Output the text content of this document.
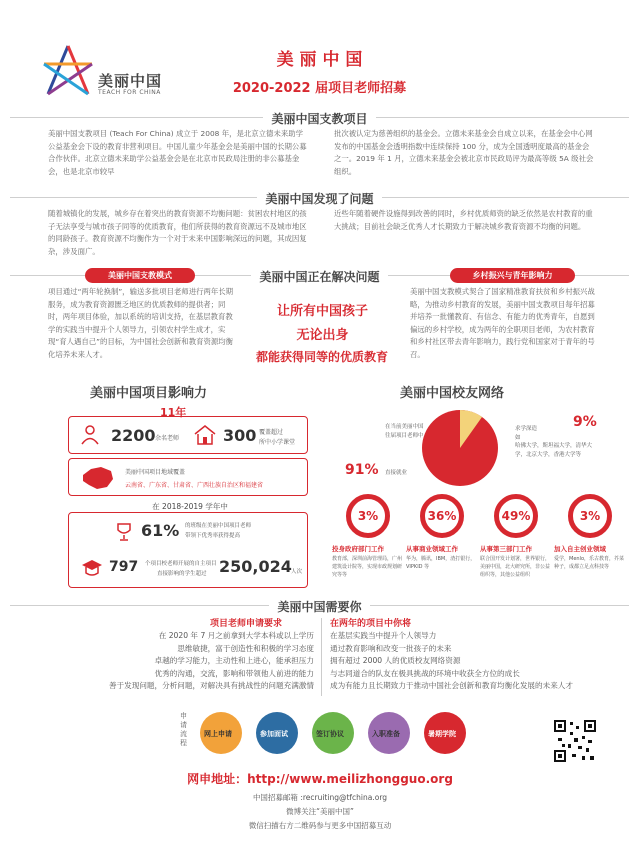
美丽中国
TEACH FOR CHINA
美 丽 中 国
2020-2022 届项目老师招募
美丽中国支教项目
美丽中国支教项目 (Teach For China) 成立于 2008 年，是北京立德未来助学公益基金会下设的教育非营利项目。中国儿童少年基金会是美丽中国的长期公募合作伙伴。北京立德未来助学公益基金会是在北京市民政局注册的非公募基金会，也是北京市较早
批次被认定为慈善组织的基金会。立德未来基金会自成立以来，在基金会中心网发布的中国基金会透明指数中连续保持 100 分，成为全国透明度最高的基金会之一。2019 年 1 月，立德未来基金会被北京市民政局评为最高等级 5A 级社会组织。
美丽中国发现了问题
随着城镇化的发展，城乡存在着突出的教育资源不均衡问题：贫困农村地区的孩子无法享受与城市孩子同等的优质教育，他们所获得的教育资源远不及城市地区的同龄孩子。教育资源不均衡作为一个对于未来中国影响深远的问题，其成因复杂，涉及面广。
近些年随着硬件设施得到改善的同时，乡村优质师资的缺乏依然是农村教育的重大挑战；目前社会缺乏优秀人才长期致力于解决城乡教育资源不均衡的问题。
美丽中国正在解决问题
美丽中国支教模式	乡村振兴与青年影响力
项目通过“两年轮换制”，输送多批项目老师进行两年长期服务，成为教育资源匮乏地区的优质教师的提供者；同时，两年项目体验，加以系统的培训支持，在基层教育教学的实践当中提升个人领导力，引领农村学生成才，实现“育人遇自己”的目标，为中国社会创新和教育资源均衡化培养未来人才。
美丽中国支教模式契合了国家精准教育扶贫和乡村振兴战略，为推动乡村教育的发展，美丽中国支教项目每年招募并培养一批懂教育、有信念、有能力的优秀青年，自愿到偏远的乡村学校，成为两年的全职项目老师，为农村教育和乡村社区带去青年影响力，践行党和国家对于青年的号召。
让所有中国孩子
无论出身
都能获得同等的优质教育
美丽中国项目影响力
11年
2200 余名老师	300 覆盖超过
所中小学课堂
美丽中国项目地域覆盖
云南省、广东省、甘肃省、广西壮族自治区和福建省
在 2018-2019 学年中
61% 的班级在美丽中国项目老师
带领下优秀率获得提高
797 个项目校老师开展的自主项目
直接影响的学生超过 250,024 人次
美丽中国校友网络
在当前美丽中国
往届项目老师中
91% 直接就业
求学深造	9%
如
哈佛大学，斯坦福大学，清华大学，北京大学，香港大学等
3%
投身政府部门工作
教育部，深圳前海管理局，广州建筑设计院等，实现市政规划研究等等
36%
从事商业领域工作
华为，腾讯，IBM，渣打银行，VIPKID 等
49%
从事第三部门工作
联合国开发计划署，世界银行，美丽中国，北大研究所，非公益组织等，其他公益组织
3%
加入自主创业领域
爱学，Menlo，乐古教育，芥菜种子，成都立足点科技等
美丽中国需要你
项目老师申请要求
在 2020 年 7 月之前拿到大学本科或以上学历
思维敏捷，富于创造性和积极的学习态度
卓越的学习能力，主动性和上进心，能承担压力
优秀的沟通，交流，影响和带领他人前进的能力
善于发现问题，分析问题，对解决具有挑战性的问题充满激情
在两年的项目中你将
在基层实践当中提升个人领导力
通过教育影响和改变一批孩子的未来
拥有超过 2000 人的优质校友网络资源
与志同道合的队友在极具挑战的环境中收获全方位的成长
成为有能力且长期致力于推动中国社会创新和教育均衡化发展的未来人才
申请流程
网上申请	参加面试	签订协议	入职准备	暑期学院
网申地址：http://www.meilizhongguo.org
中国招募邮箱 :recruiting@tfchina.org
微博关注“美丽中国”
微信扫描右方二维码参与更多中国招募互动
